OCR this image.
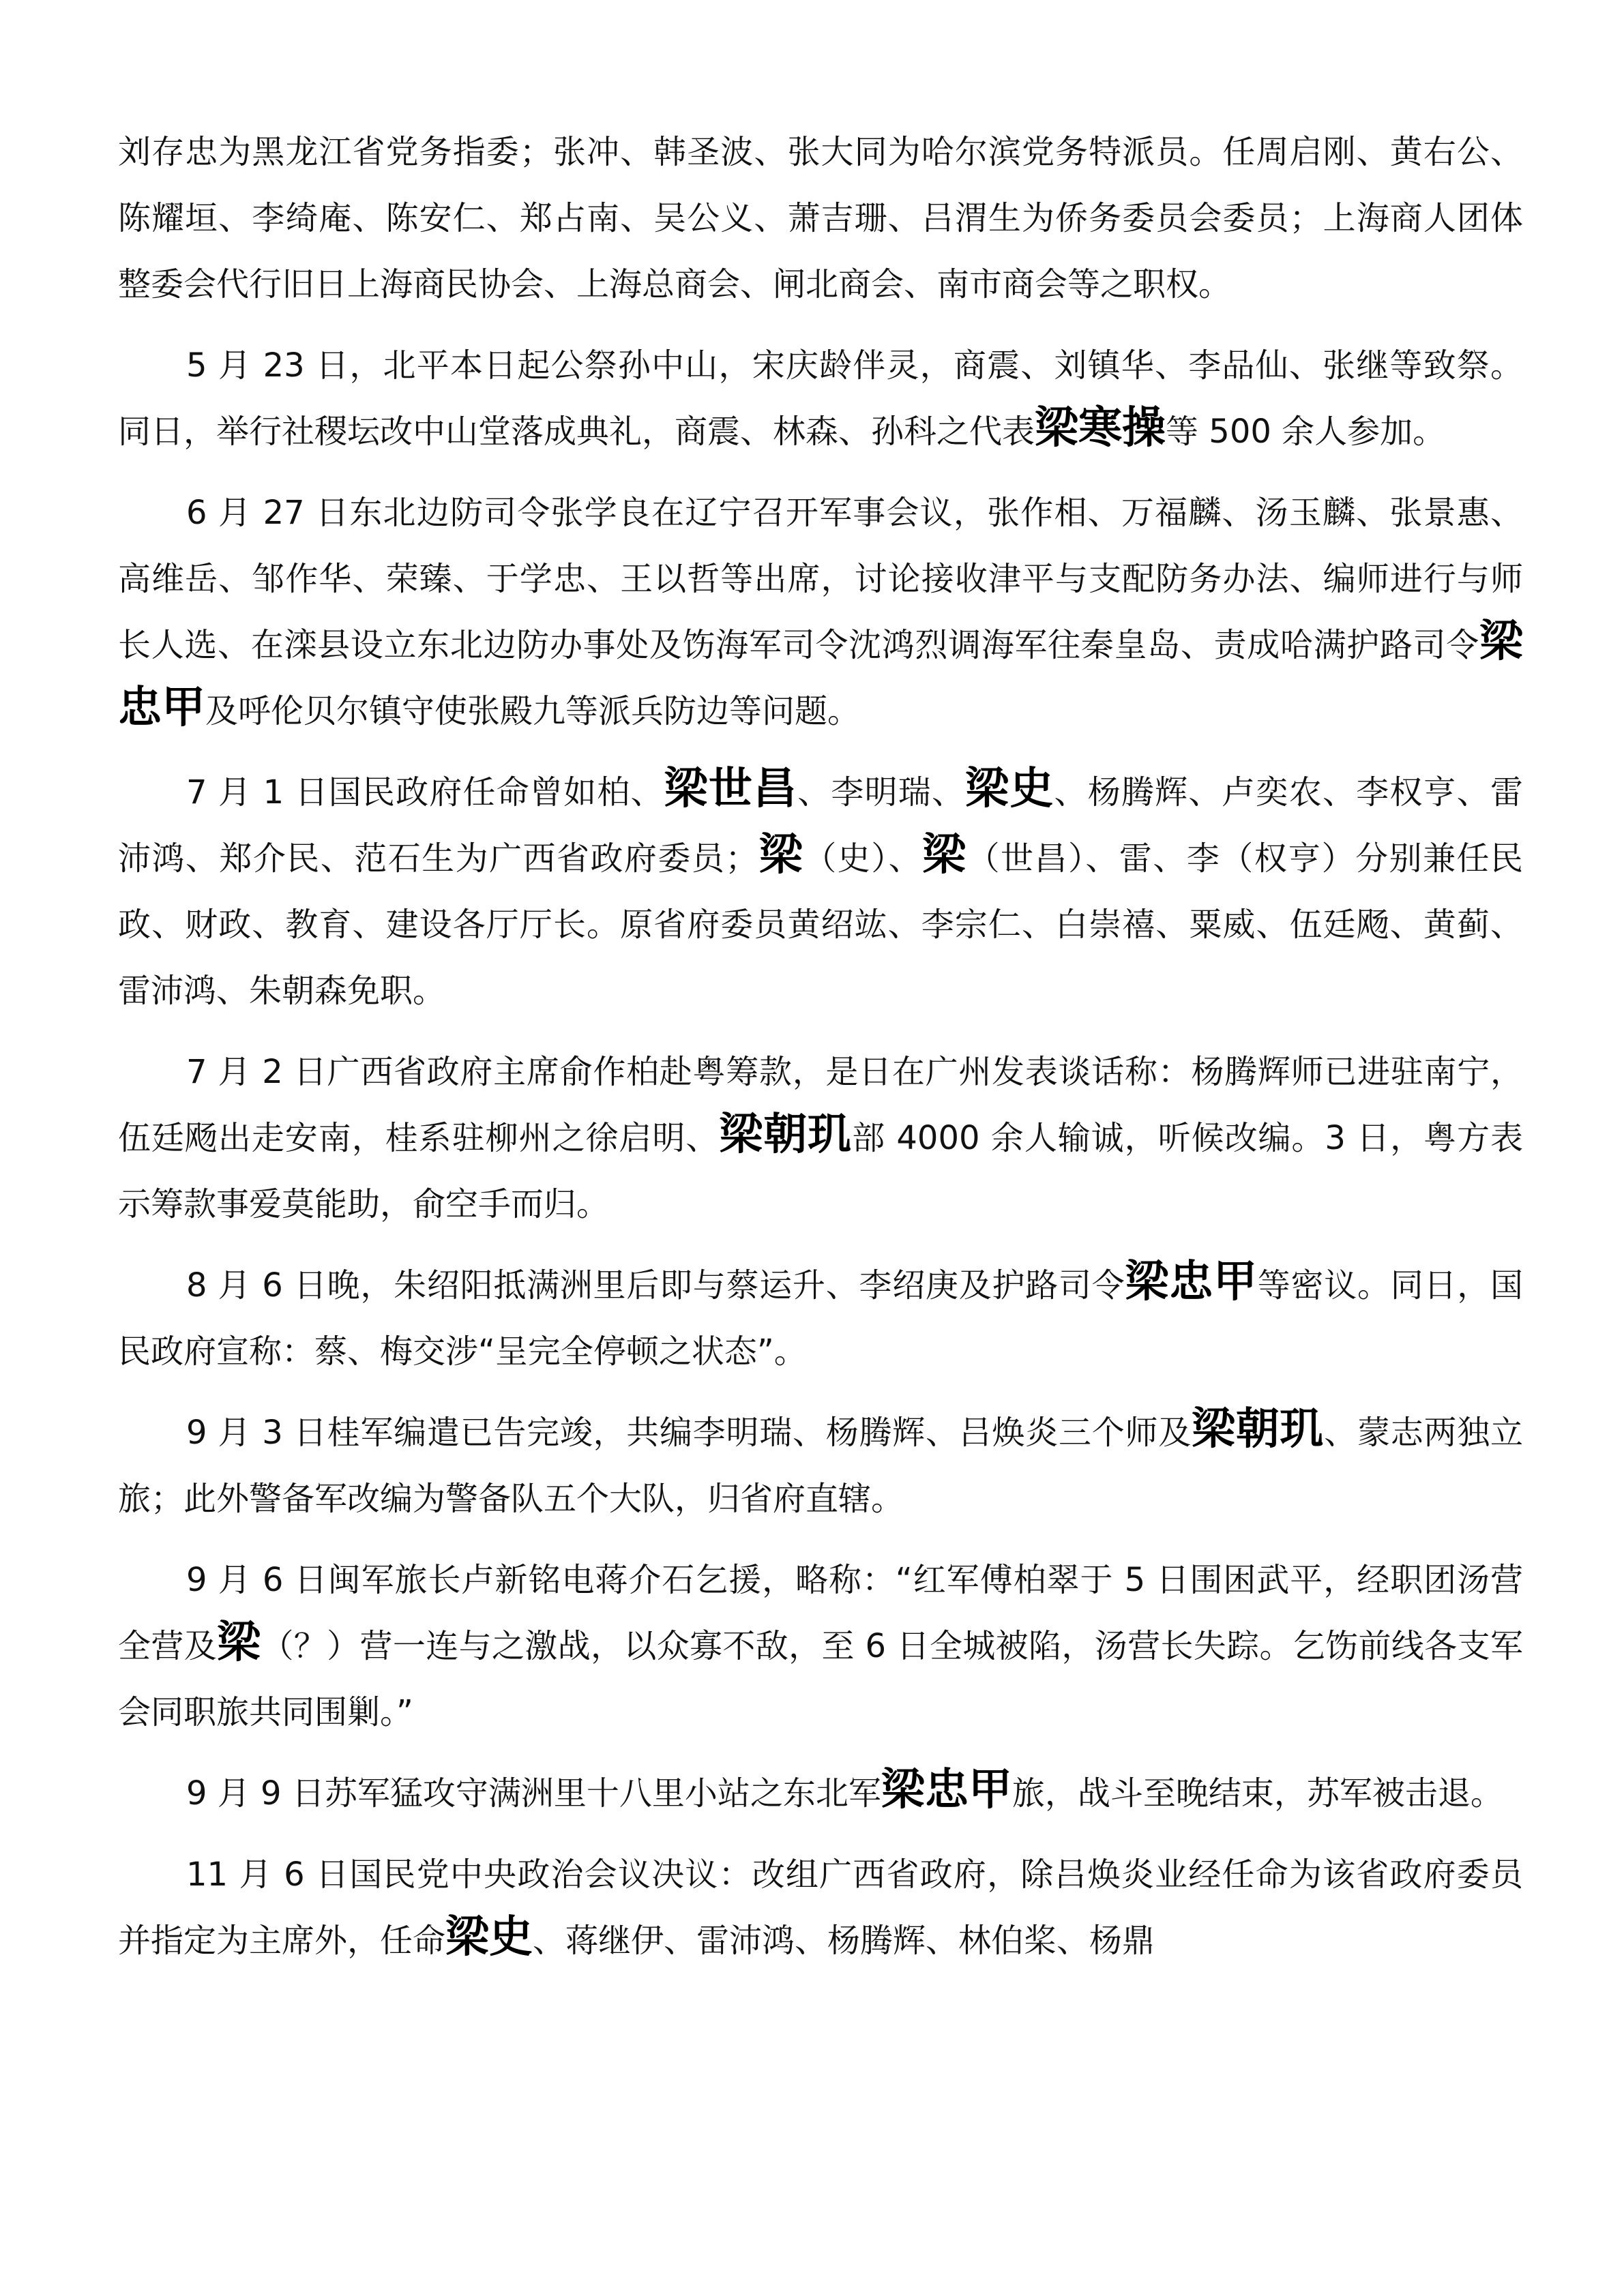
刘存忠为黑龙江省党务指委；张冲、韩圣波、张大同为哈尔滨党务特派员。任周启刚、黄右公、陈耀垣、李绮庵、陈安仁、郑占南、吴公义、萧吉珊、吕渭生为侨务委员会委员；上海商人团体整委会代行旧日上海商民协会、上海总商会、闸北商会、南市商会等之职权。

5 月 23 日，北平本日起公祭孙中山，宋庆龄伴灵，商震、刘镇华、李品仙、张继等致祭。同日，举行社稷坛改中山堂落成典礼，商震、林森、孙科之代表梁寒操等 500 余人参加。

6 月 27 日东北边防司令张学良在辽宁召开军事会议，张作相、万福麟、汤玉麟、张景惠、高维岳、邹作华、荣臻、于学忠、王以哲等出席，讨论接收津平与支配防务办法、编师进行与师长人选、在滦县设立东北边防办事处及饬海军司令沈鸿烈调海军往秦皇岛、责成哈满护路司令梁忠甲及呼伦贝尔镇守使张殿九等派兵防边等问题。

7 月 1 日国民政府任命曾如柏、梁世昌、李明瑞、梁史、杨腾辉、卢奕农、李权亨、雷沛鸿、郑介民、范石生为广西省政府委员；梁（史）、梁（世昌）、雷、李（权亨）分别兼任民政、财政、教育、建设各厅厅长。原省府委员黄绍竑、李宗仁、白崇禧、粟威、伍廷飏、黄蓟、雷沛鸿、朱朝森免职。

7 月 2 日广西省政府主席俞作柏赴粤筹款，是日在广州发表谈话称：杨腾辉师已进驻南宁，伍廷飏出走安南，桂系驻柳州之徐启明、梁朝玑部 4000 余人输诚，听候改编。3 日，粤方表示筹款事爱莫能助，俞空手而归。

8 月 6 日晚，朱绍阳抵满洲里后即与蔡运升、李绍庚及护路司令梁忠甲等密议。同日，国民政府宣称：蔡、梅交涉“呈完全停顿之状态”。

9 月 3 日桂军编遣已告完竣，共编李明瑞、杨腾辉、吕焕炎三个师及梁朝玑、蒙志两独立旅；此外警备军改编为警备队五个大队，归省府直辖。

9 月 6 日闽军旅长卢新铭电蒋介石乞援，略称：“红军傅柏翠于 5 日围困武平，经职团汤营全营及梁（？）营一连与之激战，以众寡不敌，至 6 日全城被陷，汤营长失踪。乞饬前线各支军会同职旅共同围剿。”

9 月 9 日苏军猛攻守满洲里十八里小站之东北军梁忠甲旅，战斗至晚结束，苏军被击退。

11 月 6 日国民党中央政治会议决议：改组广西省政府，除吕焕炎业经任命为该省政府委员并指定为主席外，任命梁史、蒋继伊、雷沛鸿、杨腾辉、林伯桨、杨鼎
